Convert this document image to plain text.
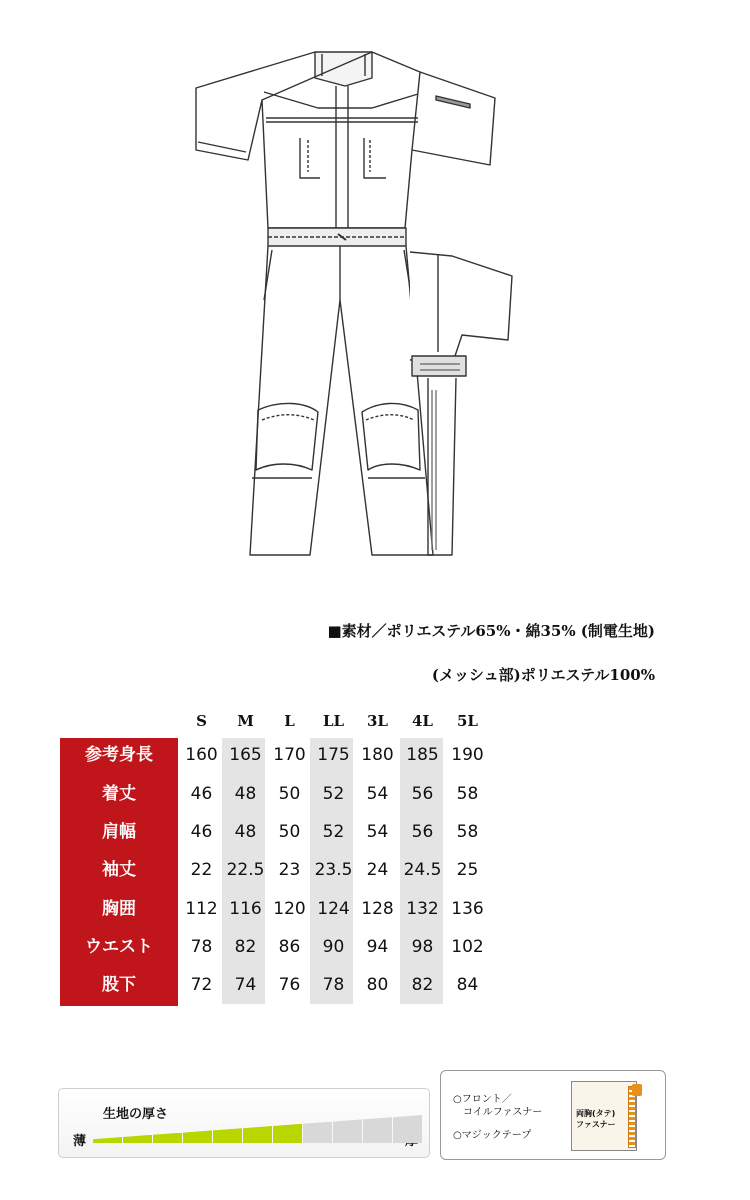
■素材／ポリエステル65%・綿35% (制電生地)
(メッシュ部)ポリエステル100%
S	M	L	LL	3L	4L	5L
参考身長	160 165 170 175 180 185 190
着丈	46	48	50	52	54	56	58
肩幅	46	48	50	52	54	56	58
袖丈	22 22.5 23 23.5 24 24.5 25
胸囲	112 116 120 124 128 132 136
ウエスト	78	82	86	90	94	98	102
股下	72	74	76	78	80	82	84
生地の厚さ
薄
○フロント／
　コイルファスナー
○マジックテープ
両胸(タテ)
ファスナー
